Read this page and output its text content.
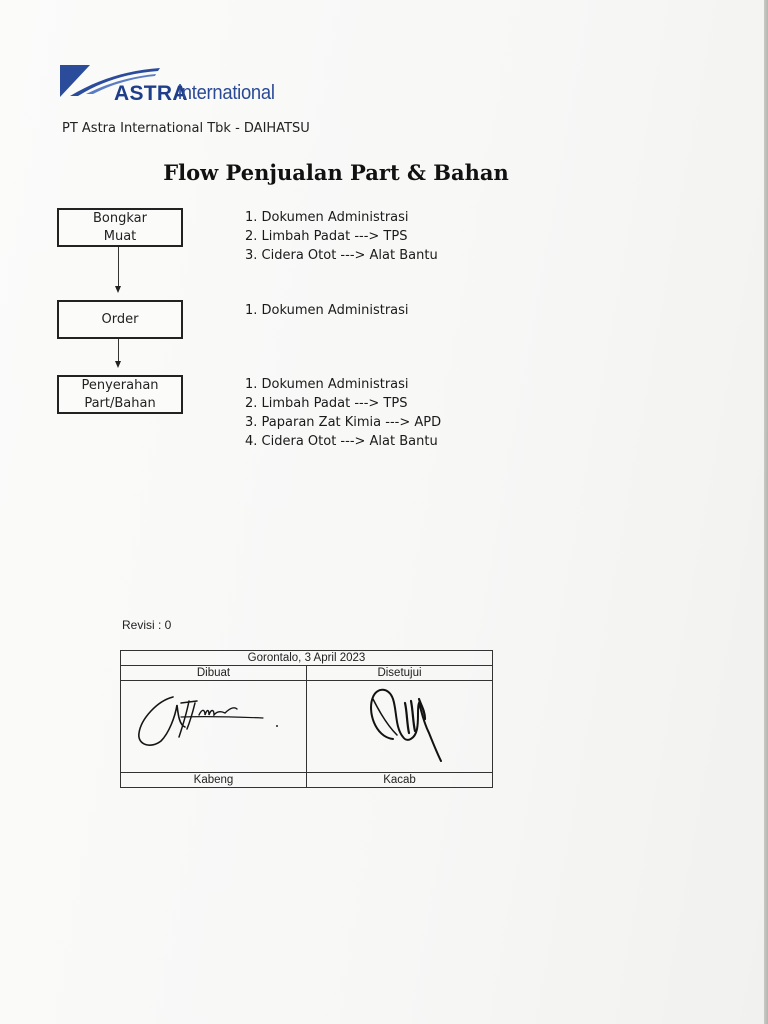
ASTRA
international
PT Astra International Tbk - DAIHATSU
Flow Penjualan Part & Bahan
Bongkar
Muat
1. Dokumen Administrasi
2. Limbah Padat ---> TPS
3. Cidera Otot ---> Alat Bantu
Order
1. Dokumen Administrasi
Penyerahan
Part/Bahan
1. Dokumen Administrasi
2. Limbah Padat ---> TPS
3. Paparan Zat Kimia ---> APD
4. Cidera Otot ---> Alat Bantu
Revisi : 0
Gorontalo, 3 April 2023	
Dibuat	Disetujui

Kabeng	Kacab
